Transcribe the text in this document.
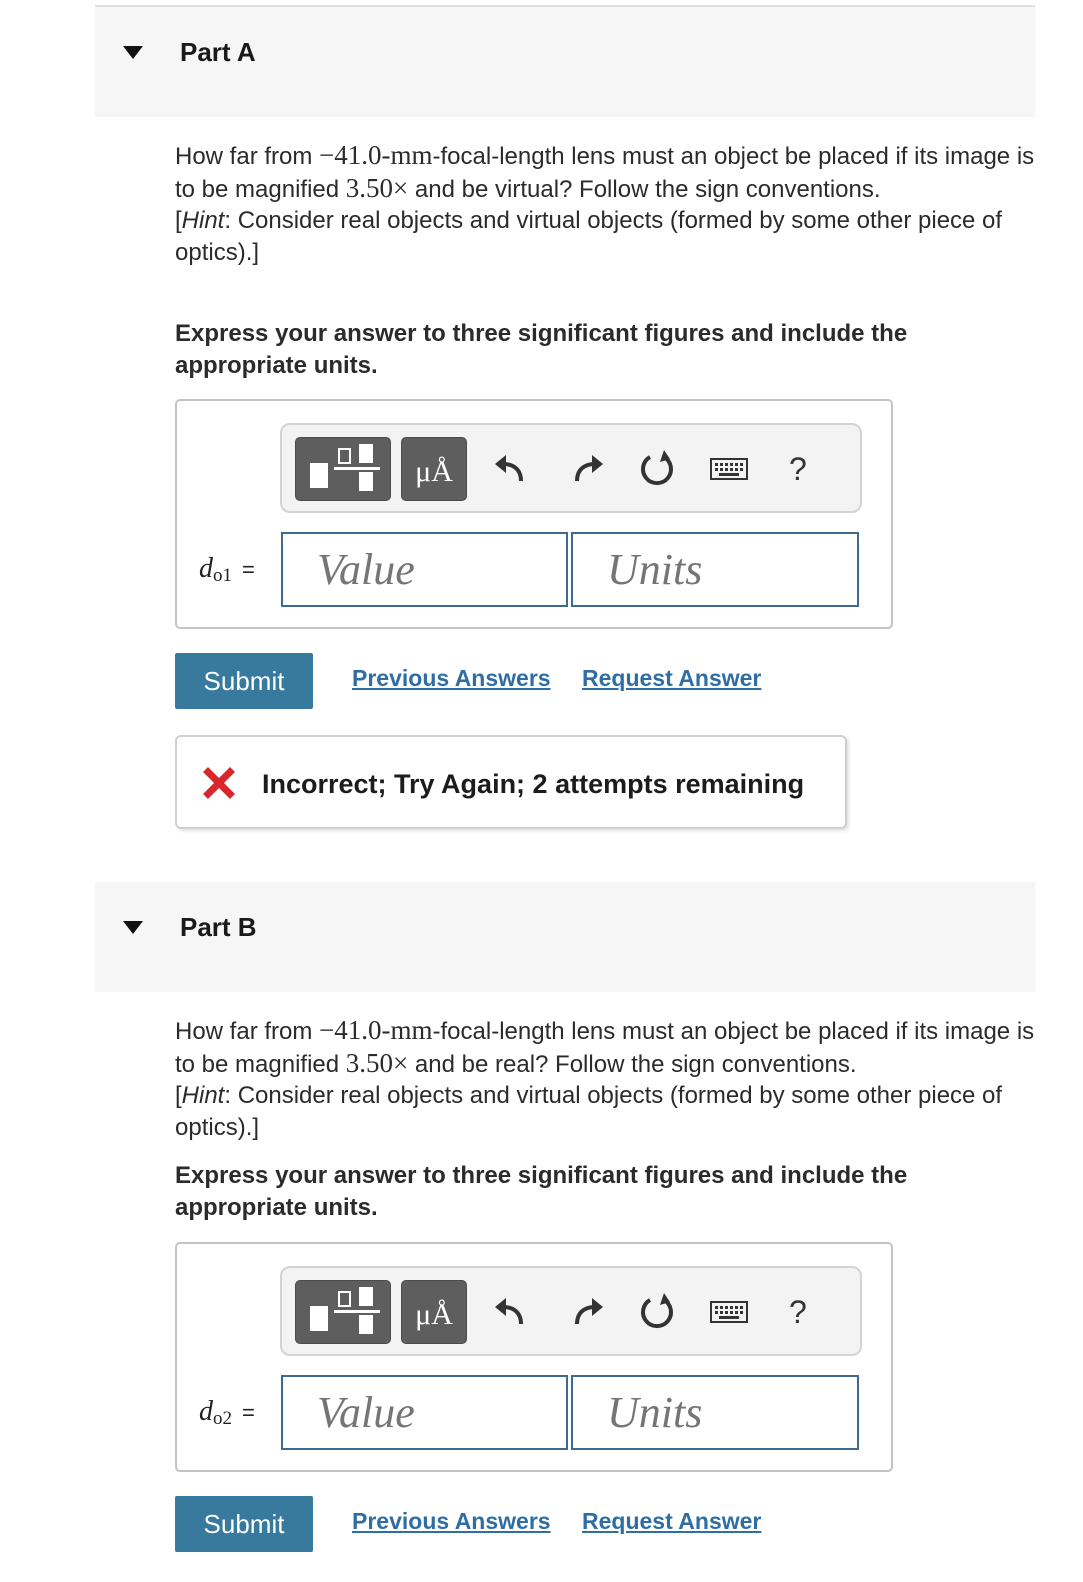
Part A

How far from −41.0-mm-focal-length lens must an object be placed if its image is to be magnified 3.50× and be virtual? Follow the sign conventions.

[Hint: Consider real objects and virtual objects (formed by some other piece of optics).]

Express your answer to three significant figures and include the appropriate units.
μÅ	?
$d_{o1}$ =
Value
Units
Submit	Previous Answers Request Answer
Incorrect; Try Again; 2 attempts remaining
Part B

How far from −41.0-mm-focal-length lens must an object be placed if its image is to be magnified 3.50× and be real? Follow the sign conventions.

[Hint: Consider real objects and virtual objects (formed by some other piece of optics).]

Express your answer to three significant figures and include the appropriate units.
μÅ	?
$d_{o2}$ =
Value
Units
Submit	Previous Answers Request Answer
